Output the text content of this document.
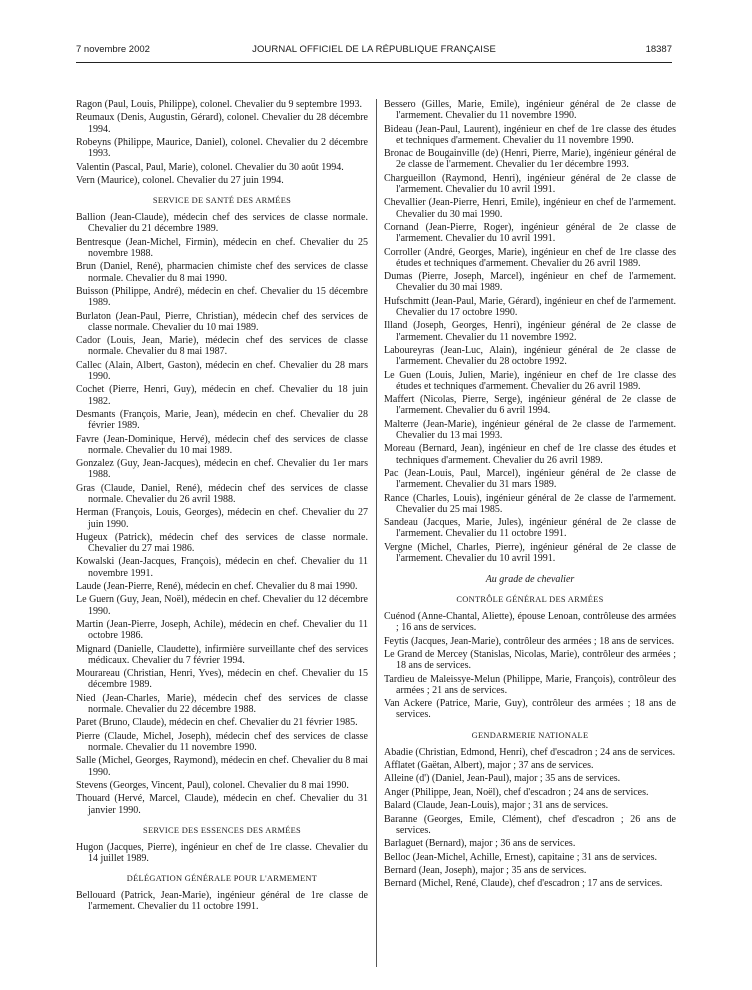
7 novembre 2002	JOURNAL OFFICIEL DE LA RÉPUBLIQUE FRANÇAISE	18387

Ragon (Paul, Louis, Philippe), colonel. Chevalier du 9 septembre 1993.

Reumaux (Denis, Augustin, Gérard), colonel. Chevalier du 28 décembre 1994.

Robeyns (Philippe, Maurice, Daniel), colonel. Chevalier du 2 décembre 1993.

Valentin (Pascal, Paul, Marie), colonel. Chevalier du 30 août 1994.

Vern (Maurice), colonel. Chevalier du 27 juin 1994.

SERVICE DE SANTÉ DES ARMÉES

Ballion (Jean-Claude), médecin chef des services de classe normale. Chevalier du 21 décembre 1989.

Bentresque (Jean-Michel, Firmin), médecin en chef. Chevalier du 25 novembre 1988.

Brun (Daniel, René), pharmacien chimiste chef des services de classe normale. Chevalier du 8 mai 1990.

Buisson (Philippe, André), médecin en chef. Chevalier du 15 décembre 1989.

Burlaton (Jean-Paul, Pierre, Christian), médecin chef des services de classe normale. Chevalier du 10 mai 1989.

Cador (Louis, Jean, Marie), médecin chef des services de classe normale. Chevalier du 8 mai 1987.

Callec (Alain, Albert, Gaston), médecin en chef. Chevalier du 28 mars 1990.

Cochet (Pierre, Henri, Guy), médecin en chef. Chevalier du 18 juin 1982.

Desmants (François, Marie, Jean), médecin en chef. Chevalier du 28 février 1989.

Favre (Jean-Dominique, Hervé), médecin chef des services de classe normale. Chevalier du 10 mai 1989.

Gonzalez (Guy, Jean-Jacques), médecin en chef. Chevalier du 1er mars 1988.

Gras (Claude, Daniel, René), médecin chef des services de classe normale. Chevalier du 26 avril 1988.

Herman (François, Louis, Georges), médecin en chef. Chevalier du 27 juin 1990.

Hugeux (Patrick), médecin chef des services de classe normale. Chevalier du 27 mai 1986.

Kowalski (Jean-Jacques, François), médecin en chef. Chevalier du 11 novembre 1991.

Laude (Jean-Pierre, René), médecin en chef. Chevalier du 8 mai 1990.

Le Guern (Guy, Jean, Noël), médecin en chef. Chevalier du 12 décembre 1990.

Martin (Jean-Pierre, Joseph, Achile), médecin en chef. Chevalier du 11 octobre 1986.

Mignard (Danielle, Claudette), infirmière surveillante chef des services médicaux. Chevalier du 7 février 1994.

Mourareau (Christian, Henri, Yves), médecin en chef. Chevalier du 15 décembre 1989.

Nied (Jean-Charles, Marie), médecin chef des services de classe normale. Chevalier du 22 décembre 1988.

Paret (Bruno, Claude), médecin en chef. Chevalier du 21 février 1985.

Pierre (Claude, Michel, Joseph), médecin chef des services de classe normale. Chevalier du 11 novembre 1990.

Salle (Michel, Georges, Raymond), médecin en chef. Chevalier du 8 mai 1990.

Stevens (Georges, Vincent, Paul), colonel. Chevalier du 8 mai 1990.

Thouard (Hervé, Marcel, Claude), médecin en chef. Chevalier du 31 janvier 1990.

SERVICE DES ESSENCES DES ARMÉES

Hugon (Jacques, Pierre), ingénieur en chef de 1re classe. Chevalier du 14 juillet 1989.

DÉLÉGATION GÉNÉRALE POUR L'ARMEMENT

Bellouard (Patrick, Jean-Marie), ingénieur général de 1re classe de l'armement. Chevalier du 11 octobre 1991.

Bessero (Gilles, Marie, Emile), ingénieur général de 2e classe de l'armement. Chevalier du 11 novembre 1990.

Bideau (Jean-Paul, Laurent), ingénieur en chef de 1re classe des études et techniques d'armement. Chevalier du 11 novembre 1990.

Bronac de Bougainville (de) (Henri, Pierre, Marie), ingénieur général de 2e classe de l'armement. Chevalier du 1er décembre 1993.

Chargueillon (Raymond, Henri), ingénieur général de 2e classe de l'armement. Chevalier du 10 avril 1991.

Chevallier (Jean-Pierre, Henri, Emile), ingénieur en chef de l'armement. Chevalier du 30 mai 1990.

Cornand (Jean-Pierre, Roger), ingénieur général de 2e classe de l'armement. Chevalier du 10 avril 1991.

Corroller (André, Georges, Marie), ingénieur en chef de 1re classe des études et techniques d'armement. Chevalier du 26 avril 1989.

Dumas (Pierre, Joseph, Marcel), ingénieur en chef de l'armement. Chevalier du 30 mai 1989.

Hufschmitt (Jean-Paul, Marie, Gérard), ingénieur en chef de l'armement. Chevalier du 17 octobre 1990.

Illand (Joseph, Georges, Henri), ingénieur général de 2e classe de l'armement. Chevalier du 11 novembre 1992.

Laboureyras (Jean-Luc, Alain), ingénieur général de 2e classe de l'armement. Chevalier du 28 octobre 1992.

Le Guen (Louis, Julien, Marie), ingénieur en chef de 1re classe des études et techniques d'armement. Chevalier du 26 avril 1989.

Maffert (Nicolas, Pierre, Serge), ingénieur général de 2e classe de l'armement. Chevalier du 6 avril 1994.

Malterre (Jean-Marie), ingénieur général de 2e classe de l'armement. Chevalier du 13 mai 1993.

Moreau (Bernard, Jean), ingénieur en chef de 1re classe des études et techniques d'armement. Chevalier du 26 avril 1989.

Pac (Jean-Louis, Paul, Marcel), ingénieur général de 2e classe de l'armement. Chevalier du 31 mars 1989.

Rance (Charles, Louis), ingénieur général de 2e classe de l'armement. Chevalier du 25 mai 1985.

Sandeau (Jacques, Marie, Jules), ingénieur général de 2e classe de l'armement. Chevalier du 11 octobre 1991.

Vergne (Michel, Charles, Pierre), ingénieur général de 2e classe de l'armement. Chevalier du 10 avril 1991.

Au grade de chevalier
CONTRÔLE GÉNÉRAL DES ARMÉES

Cuénod (Anne-Chantal, Aliette), épouse Lenoan, contrôleuse des armées ; 16 ans de services.

Feytis (Jacques, Jean-Marie), contrôleur des armées ; 18 ans de services.

Le Grand de Mercey (Stanislas, Nicolas, Marie), contrôleur des armées ; 18 ans de services.

Tardieu de Maleissye-Melun (Philippe, Marie, François), contrôleur des armées ; 21 ans de services.

Van Ackere (Patrice, Marie, Guy), contrôleur des armées ; 18 ans de services.

GENDARMERIE NATIONALE

Abadie (Christian, Edmond, Henri), chef d'escadron ; 24 ans de services.

Afflatet (Gaëtan, Albert), major ; 37 ans de services.

Alleine (d') (Daniel, Jean-Paul), major ; 35 ans de services.

Anger (Philippe, Jean, Noël), chef d'escadron ; 24 ans de services.

Balard (Claude, Jean-Louis), major ; 31 ans de services.

Baranne (Georges, Emile, Clément), chef d'escadron ; 26 ans de services.

Barlaguet (Bernard), major ; 36 ans de services.

Belloc (Jean-Michel, Achille, Ernest), capitaine ; 31 ans de services.

Bernard (Jean, Joseph), major ; 35 ans de services.

Bernard (Michel, René, Claude), chef d'escadron ; 17 ans de services.
